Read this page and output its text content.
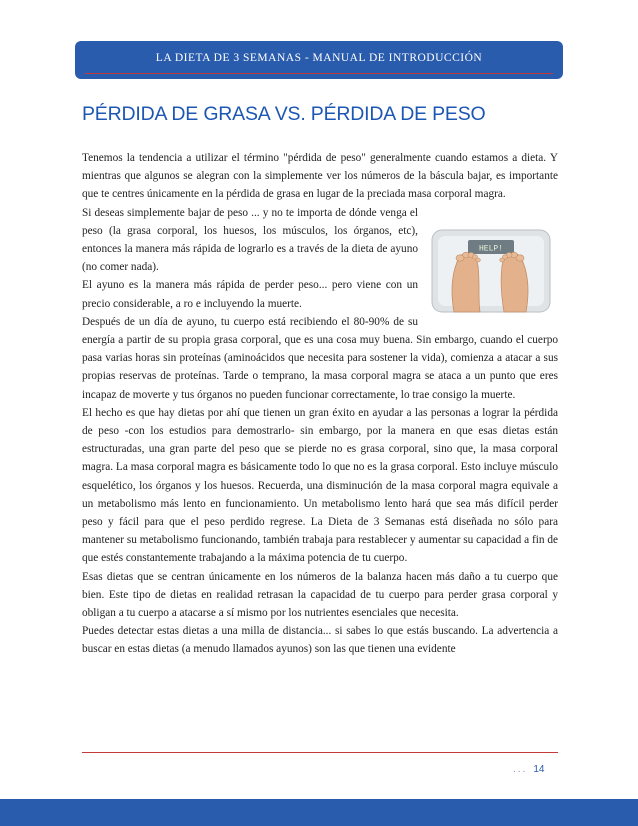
LA DIETA DE 3 SEMANAS - MANUAL DE INTRODUCCIÓN
PÉRDIDA DE GRASA VS. PÉRDIDA DE PESO

Tenemos la tendencia a utilizar el término "pérdida de peso" generalmente cuando estamos a dieta. Y mientras que algunos se alegran con la simplemente ver los números de la báscula bajar, es importante que te centres únicamente en la pérdida de grasa en lugar de la preciada masa corporal magra.

HELP!

Si deseas simplemente bajar de peso ... y no te importa de dónde venga el peso (la grasa corporal, los huesos, los músculos, los órganos, etc), entonces la manera más rápida de lograrlo es a través de la dieta de ayuno (no comer nada).

El ayuno es la manera más rápida de perder peso... pero viene con un precio considerable, a ro e incluyendo la muerte.

Después de un día de ayuno, tu cuerpo está recibiendo el 80-90% de su energía a partir de su propia grasa corporal, que es una cosa muy buena. Sin embargo, cuando el cuerpo pasa varias horas sin proteínas (aminoácidos que necesita para sostener la vida), comienza a atacar a sus propias reservas de proteínas. Tarde o temprano, la masa corporal magra se ataca a un punto que eres incapaz de moverte y tus órganos no pueden funcionar correctamente, lo trae consigo la muerte.

El hecho es que hay dietas por ahí que tienen un gran éxito en ayudar a las personas a lograr la pérdida de peso -con los estudios para demostrarlo- sin embargo, por la manera en que esas dietas están estructuradas, una gran parte del peso que se pierde no es grasa corporal, sino que, la masa corporal magra. La masa corporal magra es básicamente todo lo que no es la grasa corporal. Esto incluye músculo esquelético, los órganos y los huesos. Recuerda, una disminución de la masa corporal magra equivale a un metabolismo más lento en funcionamiento. Un metabolismo lento hará que sea más difícil perder peso y fácil para que el peso perdido regrese. La Dieta de 3 Semanas está diseñada no sólo para mantener su metabolismo funcionando, también trabaja para restablecer y aumentar su capacidad a fin de que estés constantemente trabajando a la máxima potencia de tu cuerpo.

Esas dietas que se centran únicamente en los números de la balanza hacen más daño a tu cuerpo que bien. Este tipo de dietas en realidad retrasan la capacidad de tu cuerpo para perder grasa corporal y obligan a tu cuerpo a atacarse a sí mismo por los nutrientes esenciales que necesita.

Puedes detectar estas dietas a una milla de distancia... si sabes lo que estás buscando. La advertencia a buscar en estas dietas (a menudo llamados ayunos) son las que tienen una evidente

... 14
